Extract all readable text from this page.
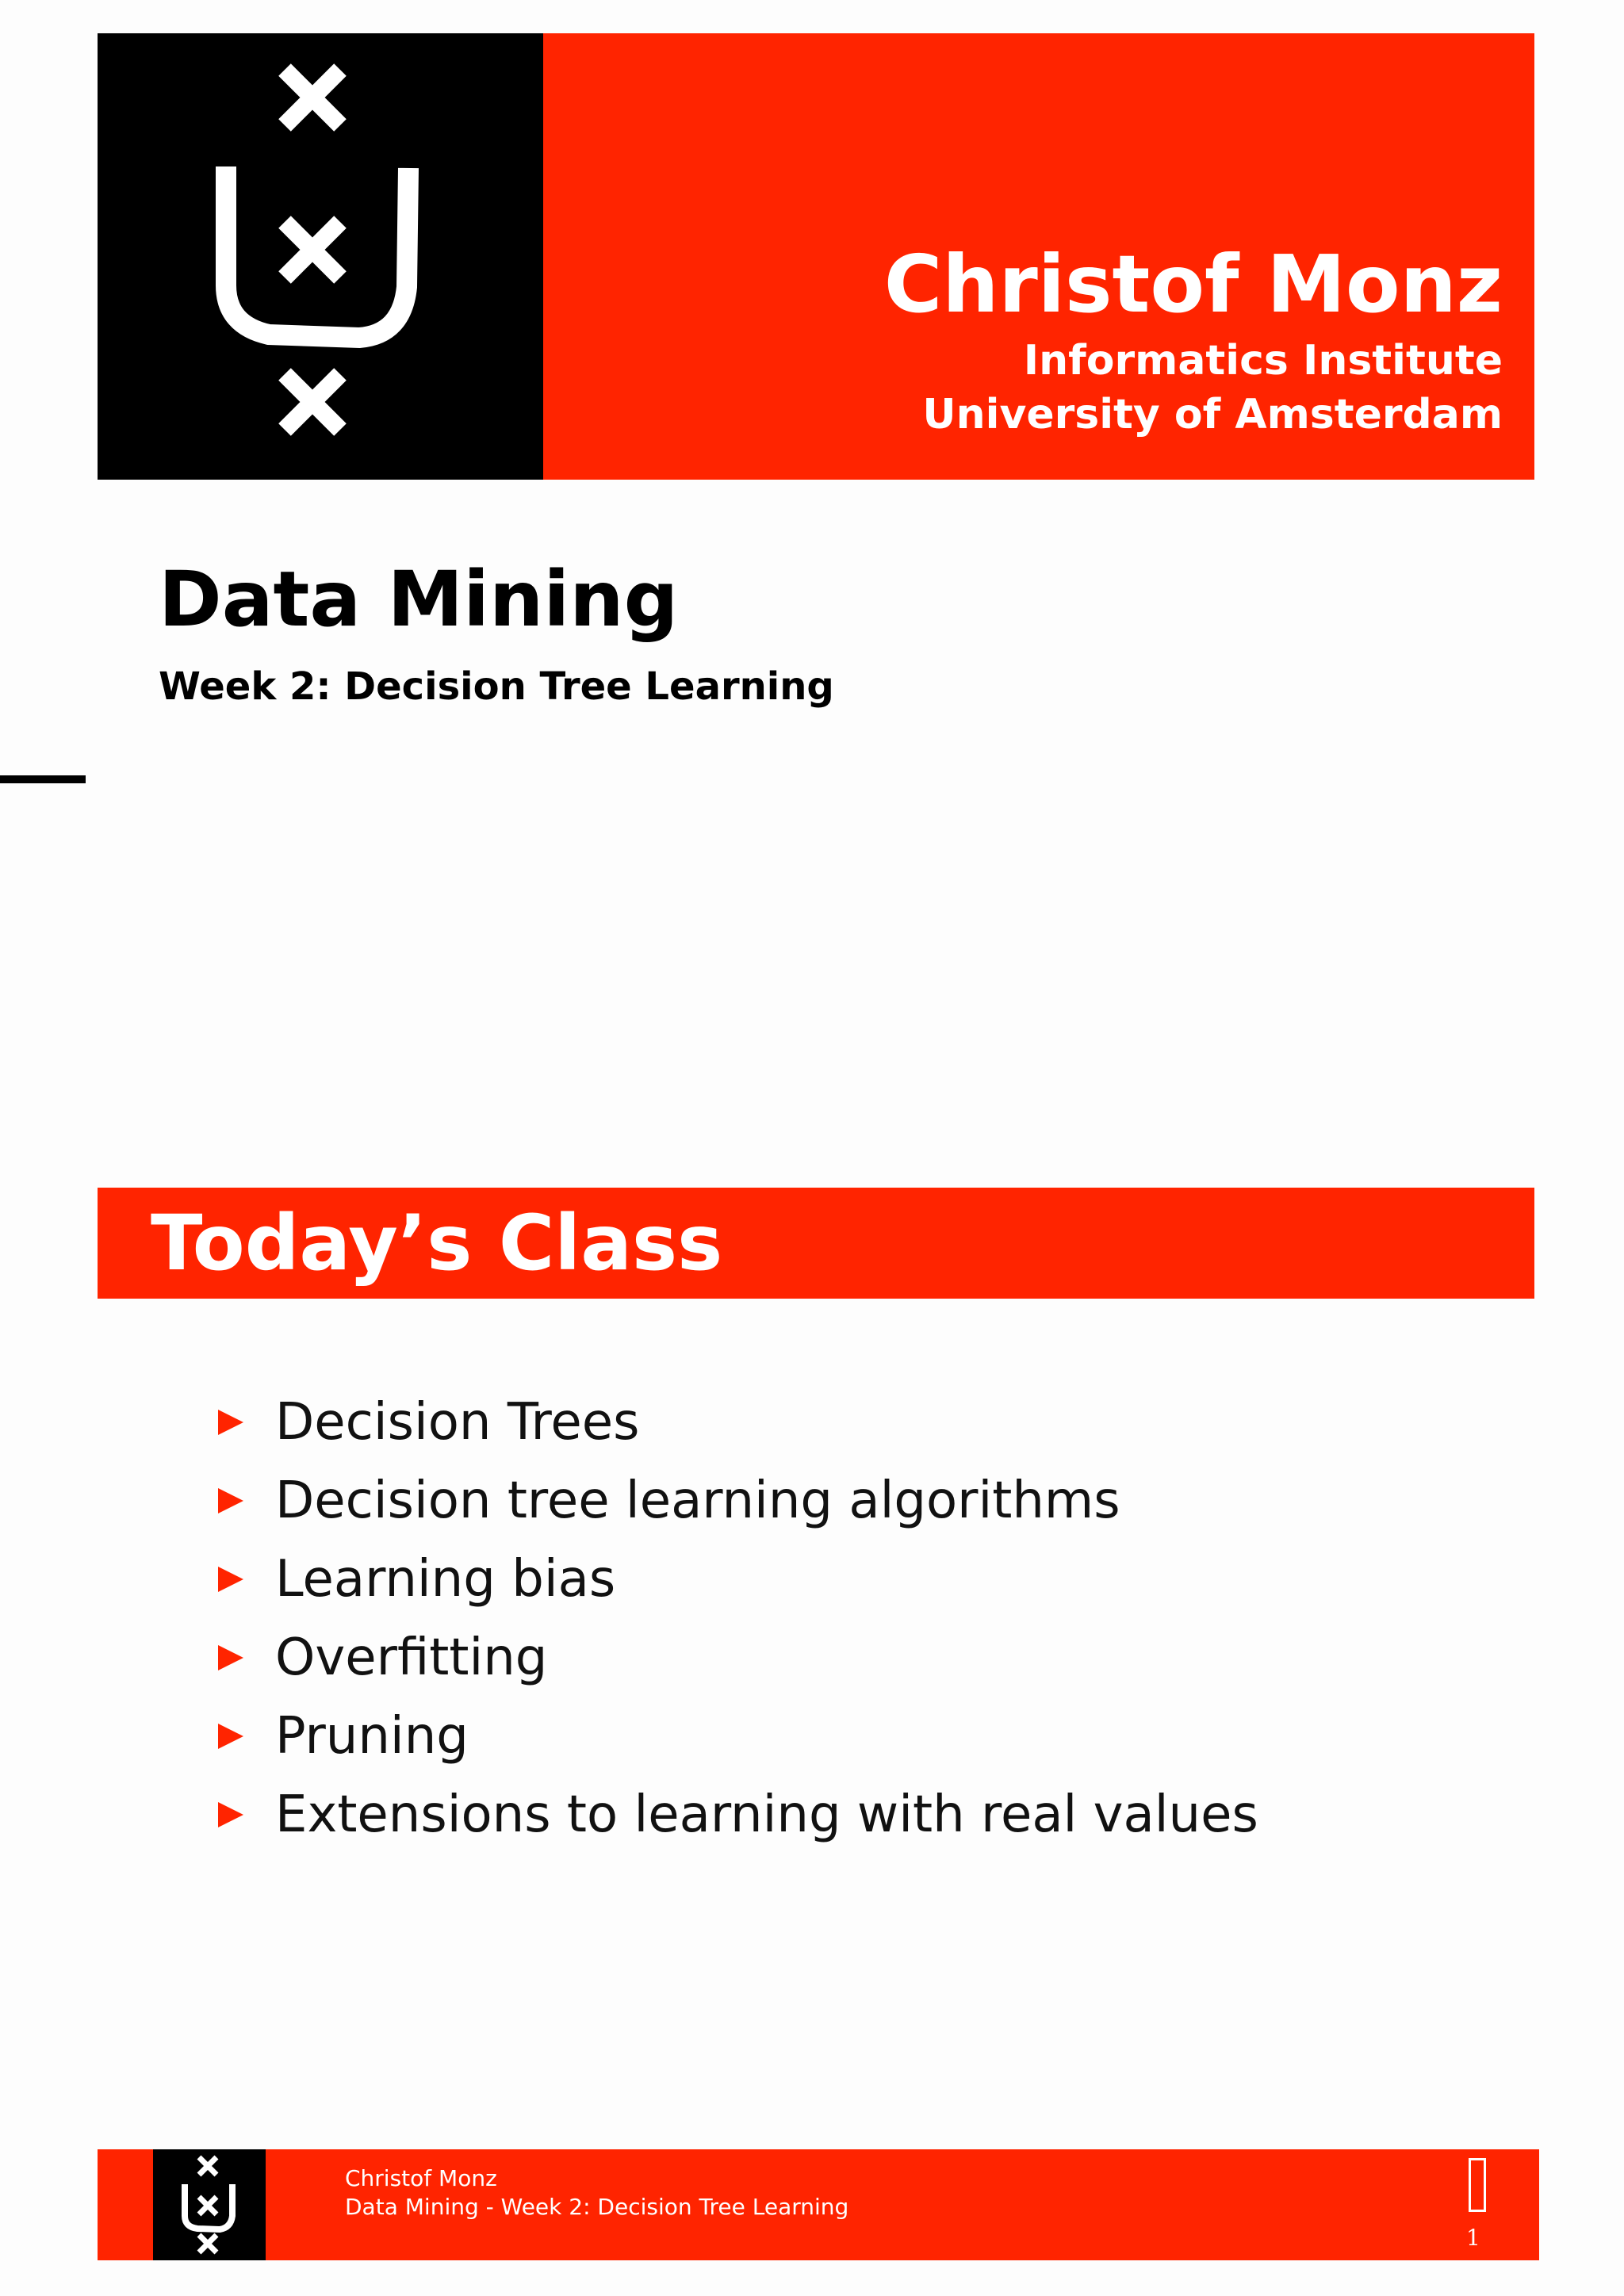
Christof Monz
Informatics Institute
University of Amsterdam
Data Mining
Week 2: Decision Tree Learning
Today’s Class
Decision Trees
Decision tree learning algorithms
Learning bias
Overfitting
Pruning
Extensions to learning with real values
Christof Monz
Data Mining - Week 2: Decision Tree Learning
1
